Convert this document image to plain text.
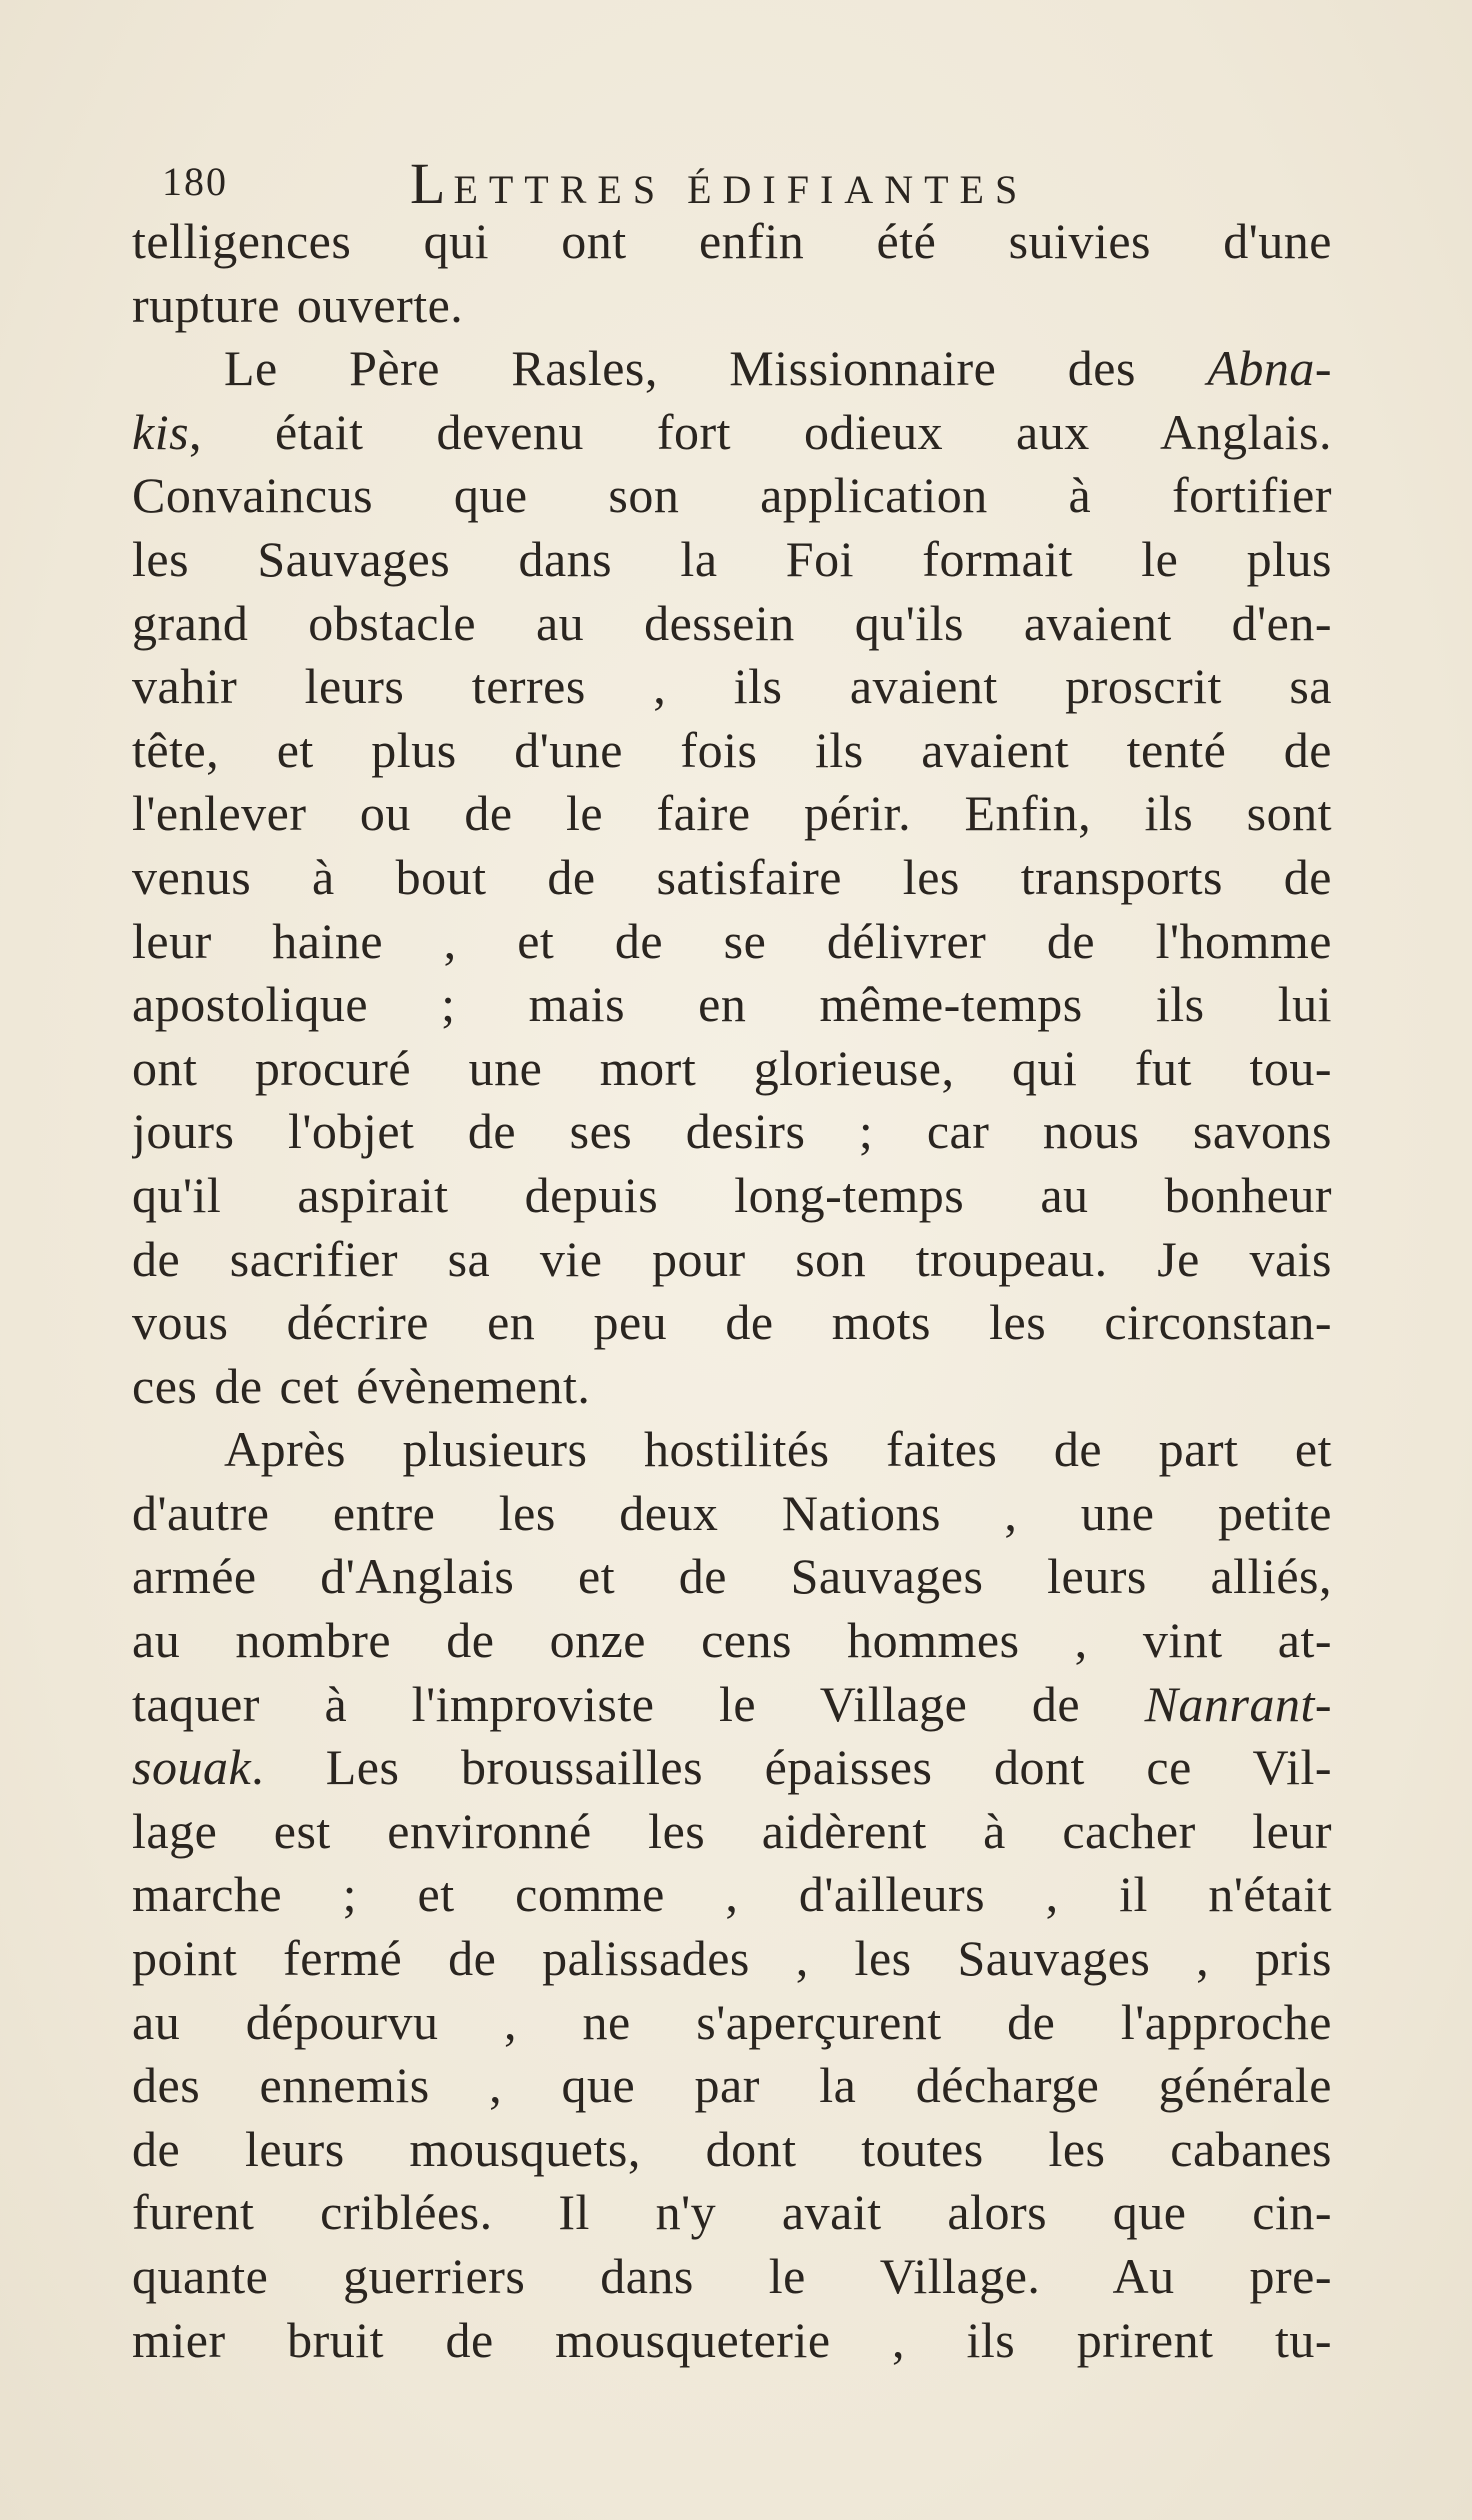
180	LETTRES ÉDIFIANTES
telligences qui ont enfin été suivies d'une
rupture ouverte.
Le Père Rasles, Missionnaire des Abna-
kis, était devenu fort odieux aux Anglais.
Convaincus que son application à fortifier
les Sauvages dans la Foi formait le plus
grand obstacle au dessein qu'ils avaient d'en-
vahir leurs terres , ils avaient proscrit sa
tête, et plus d'une fois ils avaient tenté de
l'enlever ou de le faire périr. Enfin, ils sont
venus à bout de satisfaire les transports de
leur haine , et de se délivrer de l'homme
apostolique ; mais en même-temps ils lui
ont procuré une mort glorieuse, qui fut tou-
jours l'objet de ses desirs ; car nous savons
qu'il aspirait depuis long-temps au bonheur
de sacrifier sa vie pour son troupeau. Je vais
vous décrire en peu de mots les circonstan-
ces de cet évènement.
Après plusieurs hostilités faites de part et
d'autre entre les deux Nations , une petite
armée d'Anglais et de Sauvages leurs alliés,
au nombre de onze cens hommes , vint at-
taquer à l'improviste le Village de Nanrant-
souak. Les broussailles épaisses dont ce Vil-
lage est environné les aidèrent à cacher leur
marche ; et comme , d'ailleurs , il n'était
point fermé de palissades , les Sauvages , pris
au dépourvu , ne s'aperçurent de l'approche
des ennemis , que par la décharge générale
de leurs mousquets, dont toutes les cabanes
furent criblées. Il n'y avait alors que cin-
quante guerriers dans le Village. Au pre-
mier bruit de mousqueterie , ils prirent tu-
